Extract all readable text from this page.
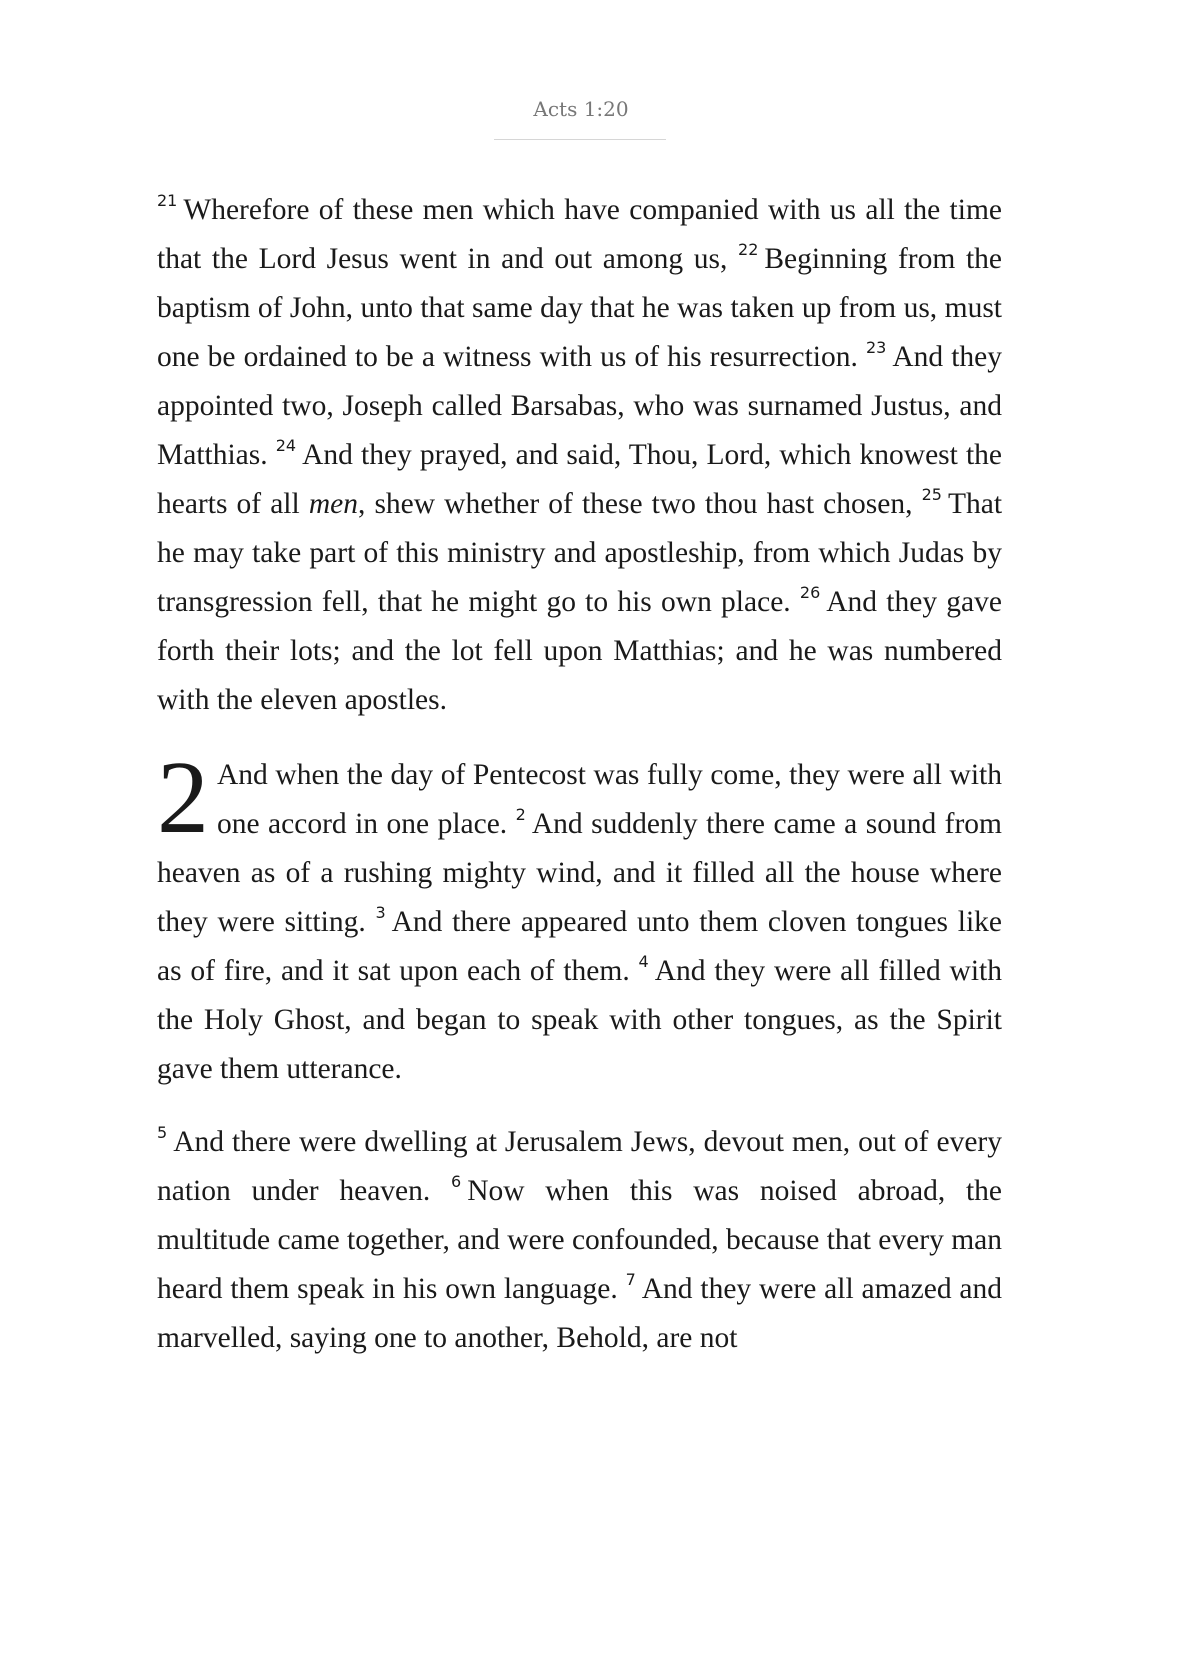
Acts 1:20

$^{21}$ Wherefore of these men which have companied with us all the time that the Lord Jesus went in and out among us, $^{22}$ Beginning from the baptism of John, unto that same day that he was taken up from us, must one be ordained to be a witness with us of his resurrection. $^{23}$ And they appointed two, Joseph called Barsabas, who was surnamed Justus, and Matthias. $^{24}$ And they prayed, and said, Thou, Lord, which knowest the hearts of all men, shew whether of these two thou hast chosen, $^{25}$ That he may take part of this ministry and apostleship, from which Judas by transgression fell, that he might go to his own place. $^{26}$ And they gave forth their lots; and the lot fell upon Matthias; and he was numbered with the eleven apostles.

2 And when the day of Pentecost was fully come, they were all with one accord in one place. $^2$ And suddenly there came a sound from heaven as of a rushing mighty wind, and it filled all the house where they were sitting. $^3$ And there appeared unto them cloven tongues like as of fire, and it sat upon each of them. $^4$ And they were all filled with the Holy Ghost, and began to speak with other tongues, as the Spirit gave them utterance.

$^5$ And there were dwelling at Jerusalem Jews, devout men, out of every nation under heaven. $^6$ Now when this was noised abroad, the multitude came together, and were confounded, because that every man heard them speak in his own language. $^7$ And they were all amazed and marvelled, saying one to another, Behold, are not
